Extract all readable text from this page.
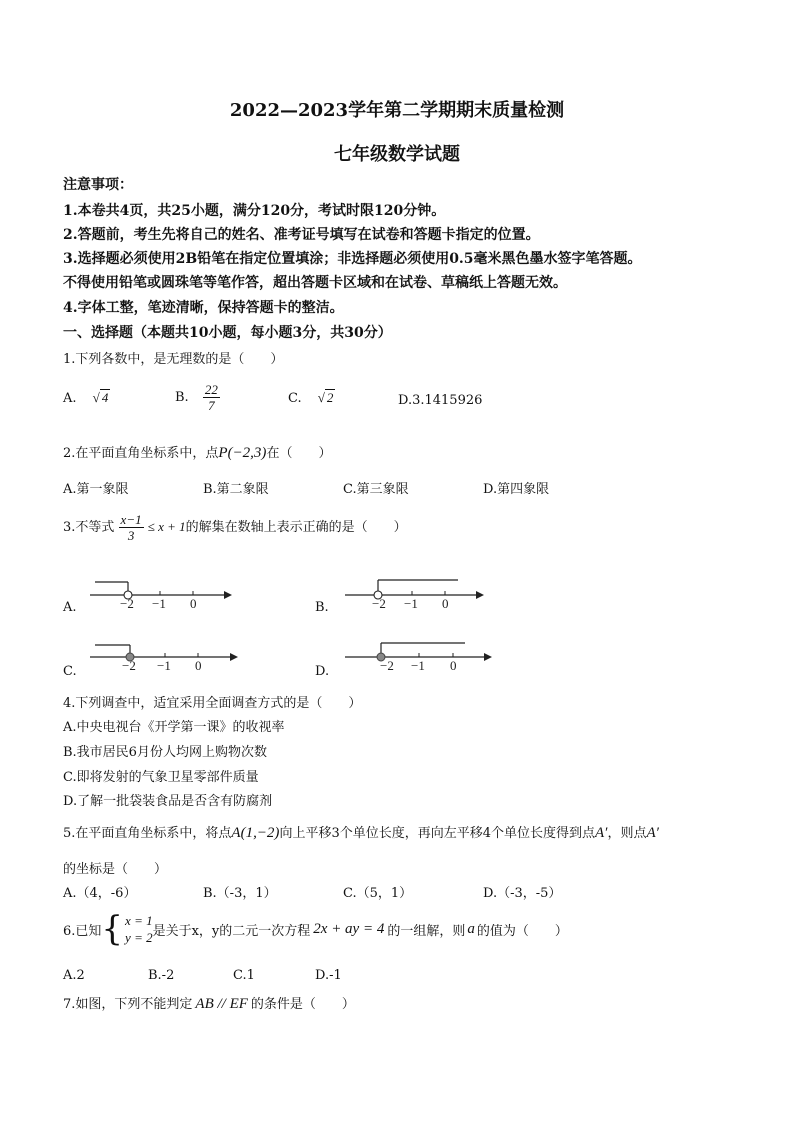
2022—2023学年第二学期期末质量检测
七年级数学试题
注意事项：
1.本卷共4页，共25小题，满分120分，考试时限120分钟。
2.答题前，考生先将自己的姓名、准考证号填写在试卷和答题卡指定的位置。
3.选择题必须使用2B铅笔在指定位置填涂；非选择题必须使用0.5毫米黑色墨水签字笔答题。
不得使用铅笔或圆珠笔等笔作答，超出答题卡区域和在试卷、草稿纸上答题无效。
4.字体工整，笔迹清晰，保持答题卡的整洁。
一、选择题（本题共10小题，每小题3分，共30分）
1.下列各数中，是无理数的是（　　）
A. √ 4	B. $\frac{22}{7}$	C. √ 2	D.3.1415926
2.在平面直角坐标系中，点P(−2,3)在（　　）
A.第一象限	B.第二象限	C.第三象限	D.第四象限
3.不等式 $\frac{x-1}{3} \le x + 1$的解集在数轴上表示正确的是（　　）
A.	B.
C.	D.
−2 −1 0	−2 −1 0
−2 −1 0	−2 −1 0
4.下列调查中，适宜采用全面调查方式的是（　　）
A.中央电视台《开学第一课》的收视率
B.我市居民6月份人均网上购物次数
C.即将发射的气象卫星零部件质量
D.了解一批袋装食品是否含有防腐剂
5.在平面直角坐标系中，将点A(1,−2)向上平移3个单位长度，再向左平移4个单位长度得到点A′，则点A′
的坐标是（　　）
A.（4，-6）	B.（-3，1）	C.（5，1）	D.（-3，-5）
6.已知 { x = 1
y = 2 是关于x，y的二元一次方程 2x + ay = 4 的一组解，则 a 的值为（　　）
A.2	B.-2	C.1	D.-1
7.如图，下列不能判定 AB // EF 的条件是（　　）
